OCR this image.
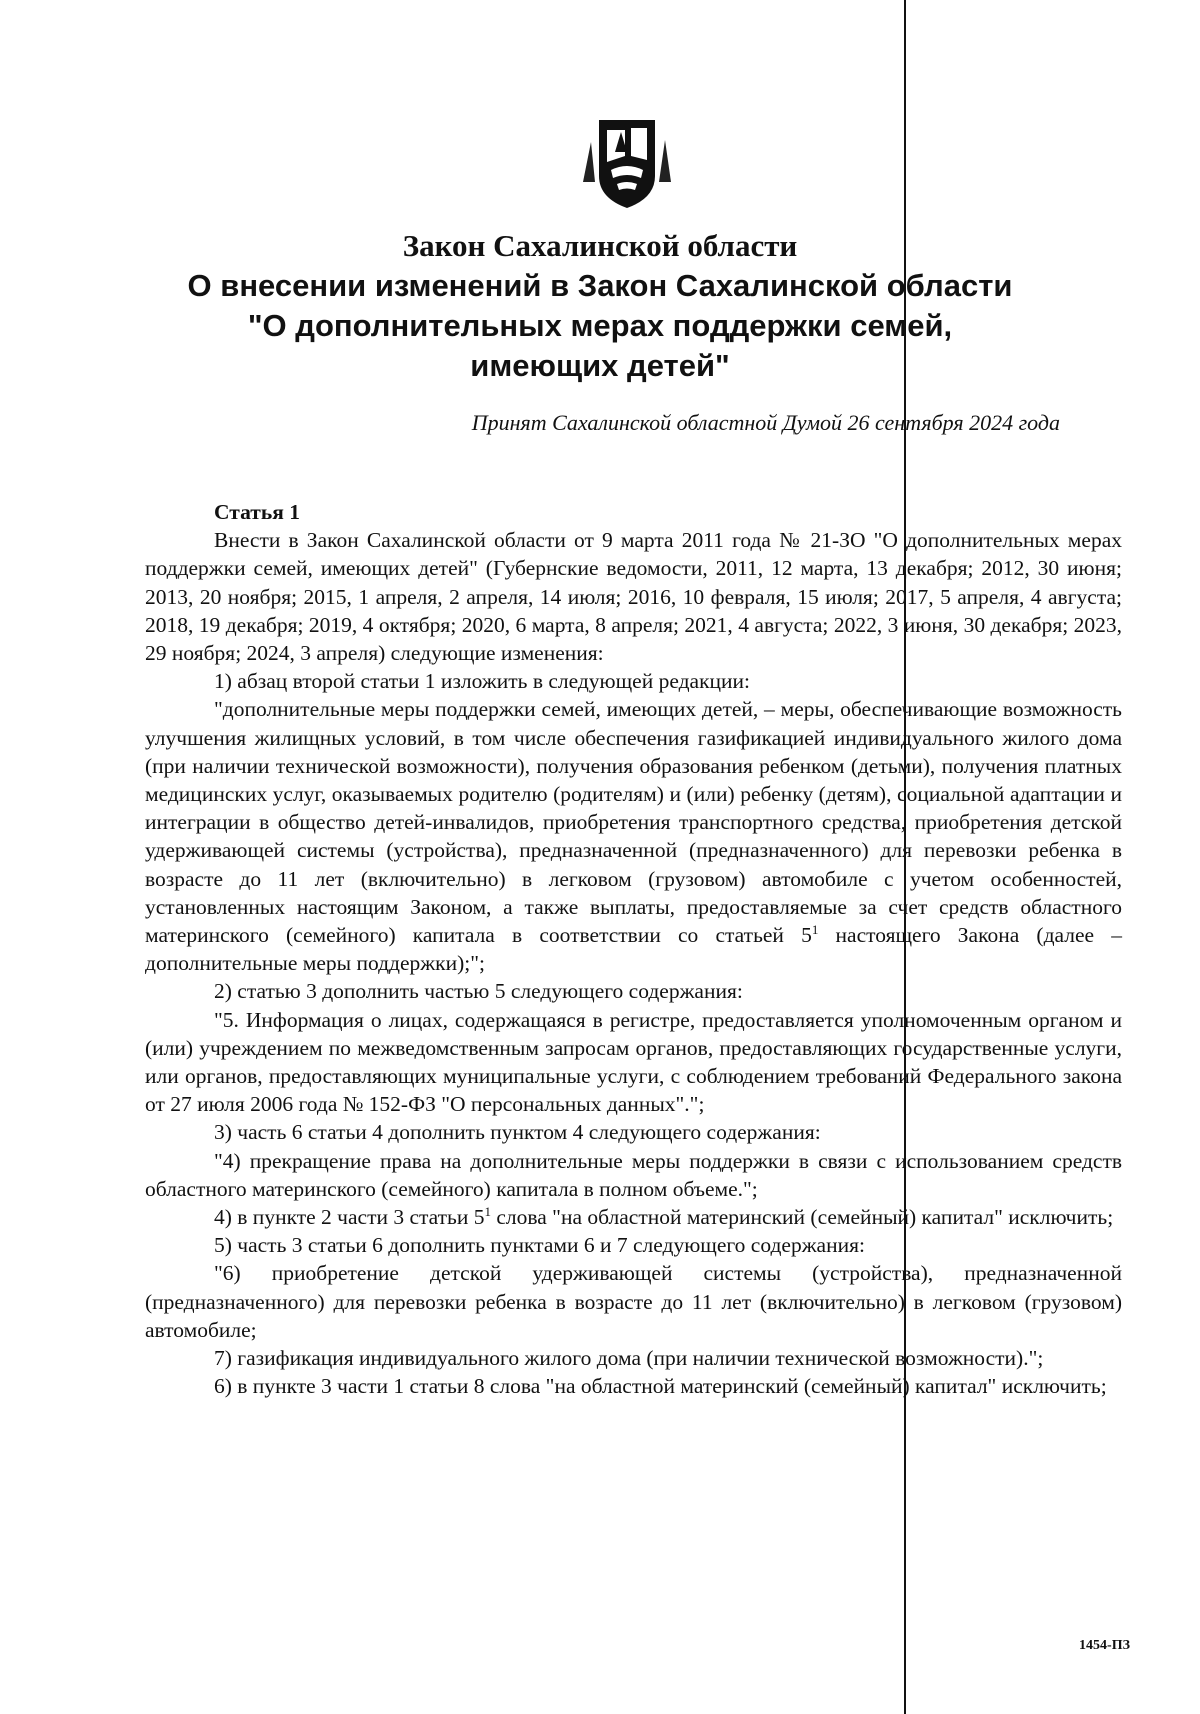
Закон Сахалинской области

О внесении изменений в Закон Сахалинской области "О дополнительных мерах поддержки семей, имеющих детей"

Принят Сахалинской областной Думой 26 сентября 2024 года

Статья 1

Внести в Закон Сахалинской области от 9 марта 2011 года № 21-ЗО "О дополнительных мерах поддержки семей, имеющих детей" (Губернские ведомости, 2011, 12 марта, 13 декабря; 2012, 30 июня; 2013, 20 ноября; 2015, 1 апреля, 2 апреля, 14 июля; 2016, 10 февраля, 15 июля; 2017, 5 апреля, 4 августа; 2018, 19 декабря; 2019, 4 октября; 2020, 6 марта, 8 апреля; 2021, 4 августа; 2022, 3 июня, 30 декабря; 2023, 29 ноября; 2024, 3 апреля) следующие изменения:

1) абзац второй статьи 1 изложить в следующей редакции:

"дополнительные меры поддержки семей, имеющих детей, – меры, обеспечивающие возможность улучшения жилищных условий, в том числе обеспечения газификацией индивидуального жилого дома (при наличии технической возможности), получения образования ребенком (детьми), получения платных медицинских услуг, оказываемых родителю (родителям) и (или) ребенку (детям), социальной адаптации и интеграции в общество детей-инвалидов, приобретения транспортного средства, приобретения детской удерживающей системы (устройства), предназначенной (предназначенного) для перевозки ребенка в возрасте до 11 лет (включительно) в легковом (грузовом) автомобиле с учетом особенностей, установленных настоящим Законом, а также выплаты, предоставляемые за счет средств областного материнского (семейного) капитала в соответствии со статьей $5^1$ настоящего Закона (далее – дополнительные меры поддержки);";

2) статью 3 дополнить частью 5 следующего содержания:

"5. Информация о лицах, содержащаяся в регистре, предоставляется уполномоченным органом и (или) учреждением по межведомственным запросам органов, предоставляющих государственные услуги, или органов, предоставляющих муниципальные услуги, с соблюдением требований Федерального закона от 27 июля 2006 года № 152-ФЗ "О персональных данных".";

3) часть 6 статьи 4 дополнить пунктом 4 следующего содержания:

"4) прекращение права на дополнительные меры поддержки в связи с использованием средств областного материнского (семейного) капитала в полном объеме.";

4) в пункте 2 части 3 статьи $5^1$ слова "на областной материнский (семейный) капитал" исключить;

5) часть 3 статьи 6 дополнить пунктами 6 и 7 следующего содержания:

"6) приобретение детской удерживающей системы (устройства), предназначенной (предназначенного) для перевозки ребенка в возрасте до 11 лет (включительно) в легковом (грузовом) автомобиле;

7) газификация индивидуального жилого дома (при наличии технической возможности).";

6) в пункте 3 части 1 статьи 8 слова "на областной материнский (семейный) капитал" исключить;

1454-ПЗ
